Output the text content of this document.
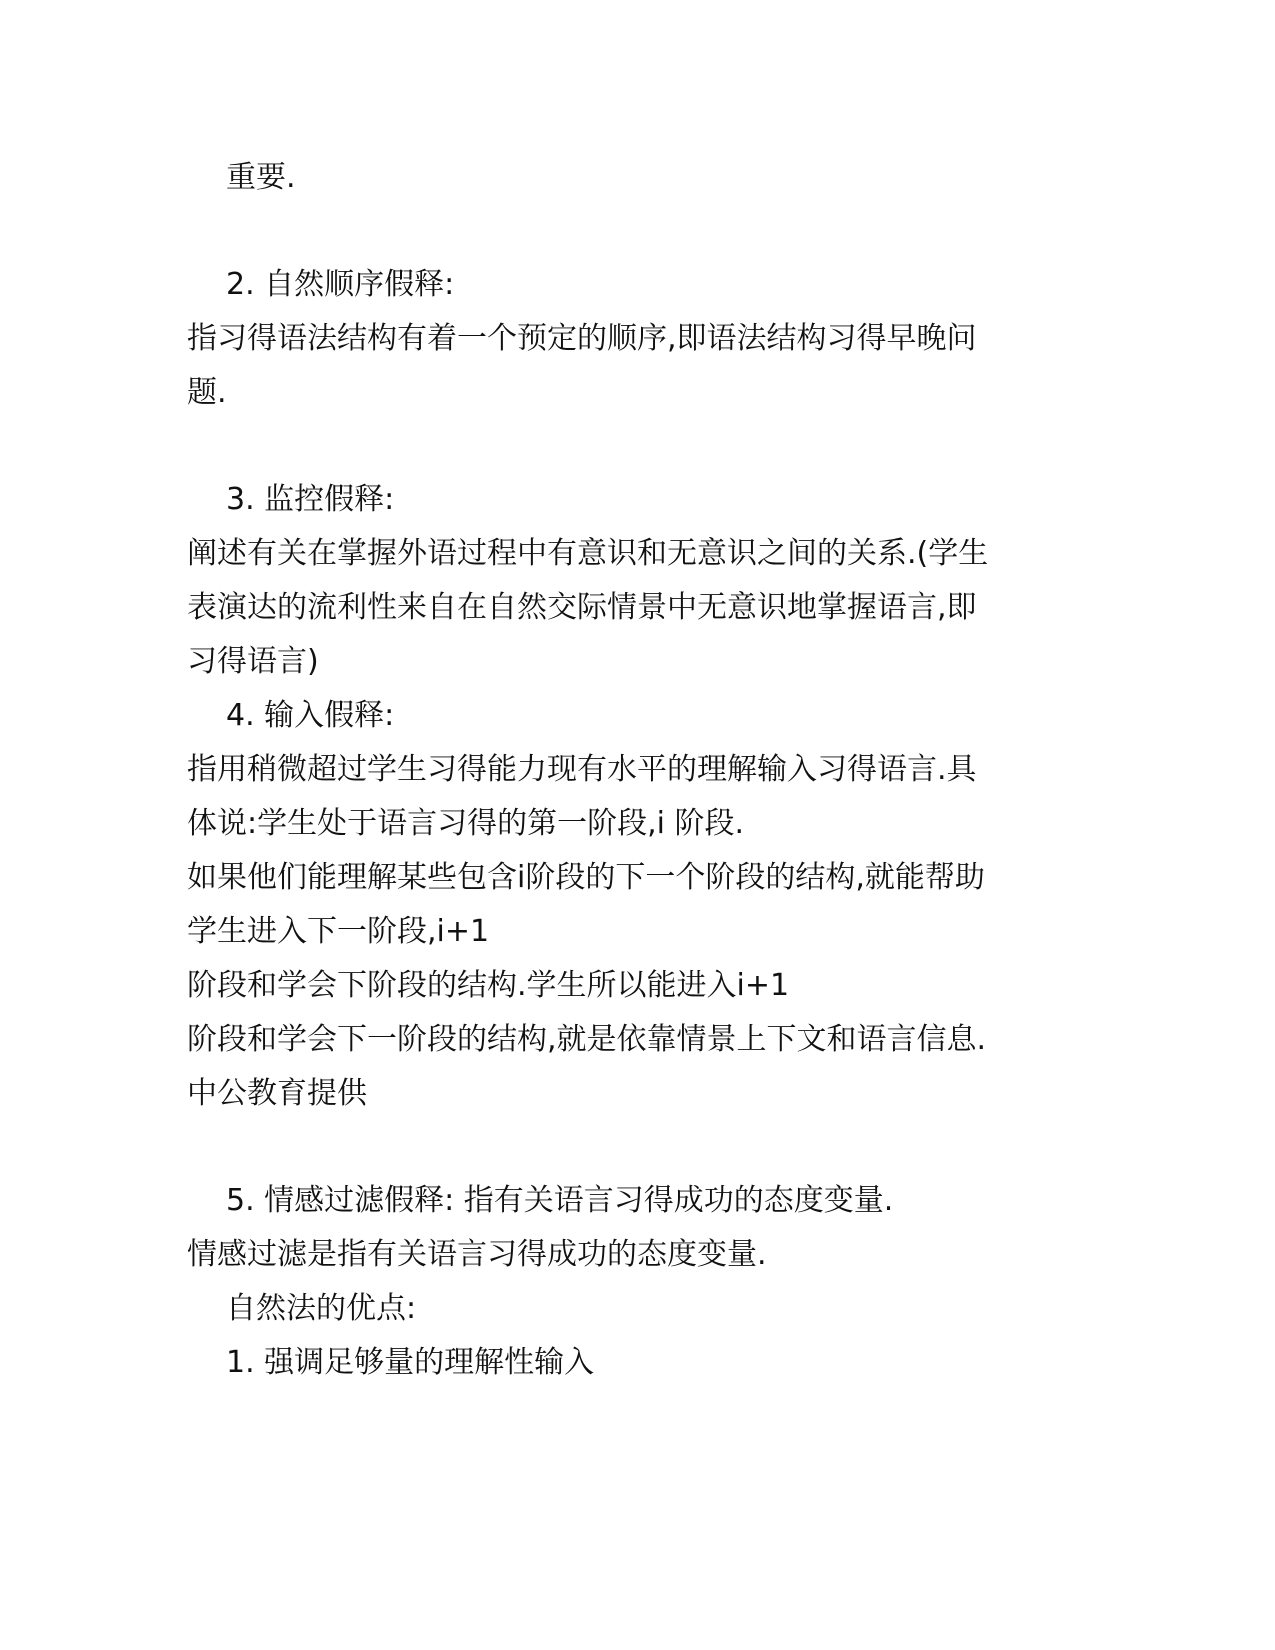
重要.
2. 自然顺序假释:
指习得语法结构有着一个预定的顺序,即语法结构习得早晚问
题.
3. 监控假释:
阐述有关在掌握外语过程中有意识和无意识之间的关系.(学生
表演达的流利性来自在自然交际情景中无意识地掌握语言,即
习得语言)
4. 输入假释:
指用稍微超过学生习得能力现有水平的理解输入习得语言.具
体说:学生处于语言习得的第一阶段,i 阶段.
如果他们能理解某些包含i阶段的下一个阶段的结构,就能帮助
学生进入下一阶段,i+1
阶段和学会下阶段的结构.学生所以能进入i+1
阶段和学会下一阶段的结构,就是依靠情景上下文和语言信息.
中公教育提供
5. 情感过滤假释: 指有关语言习得成功的态度变量.
情感过滤是指有关语言习得成功的态度变量.
自然法的优点:
1. 强调足够量的理解性输入
